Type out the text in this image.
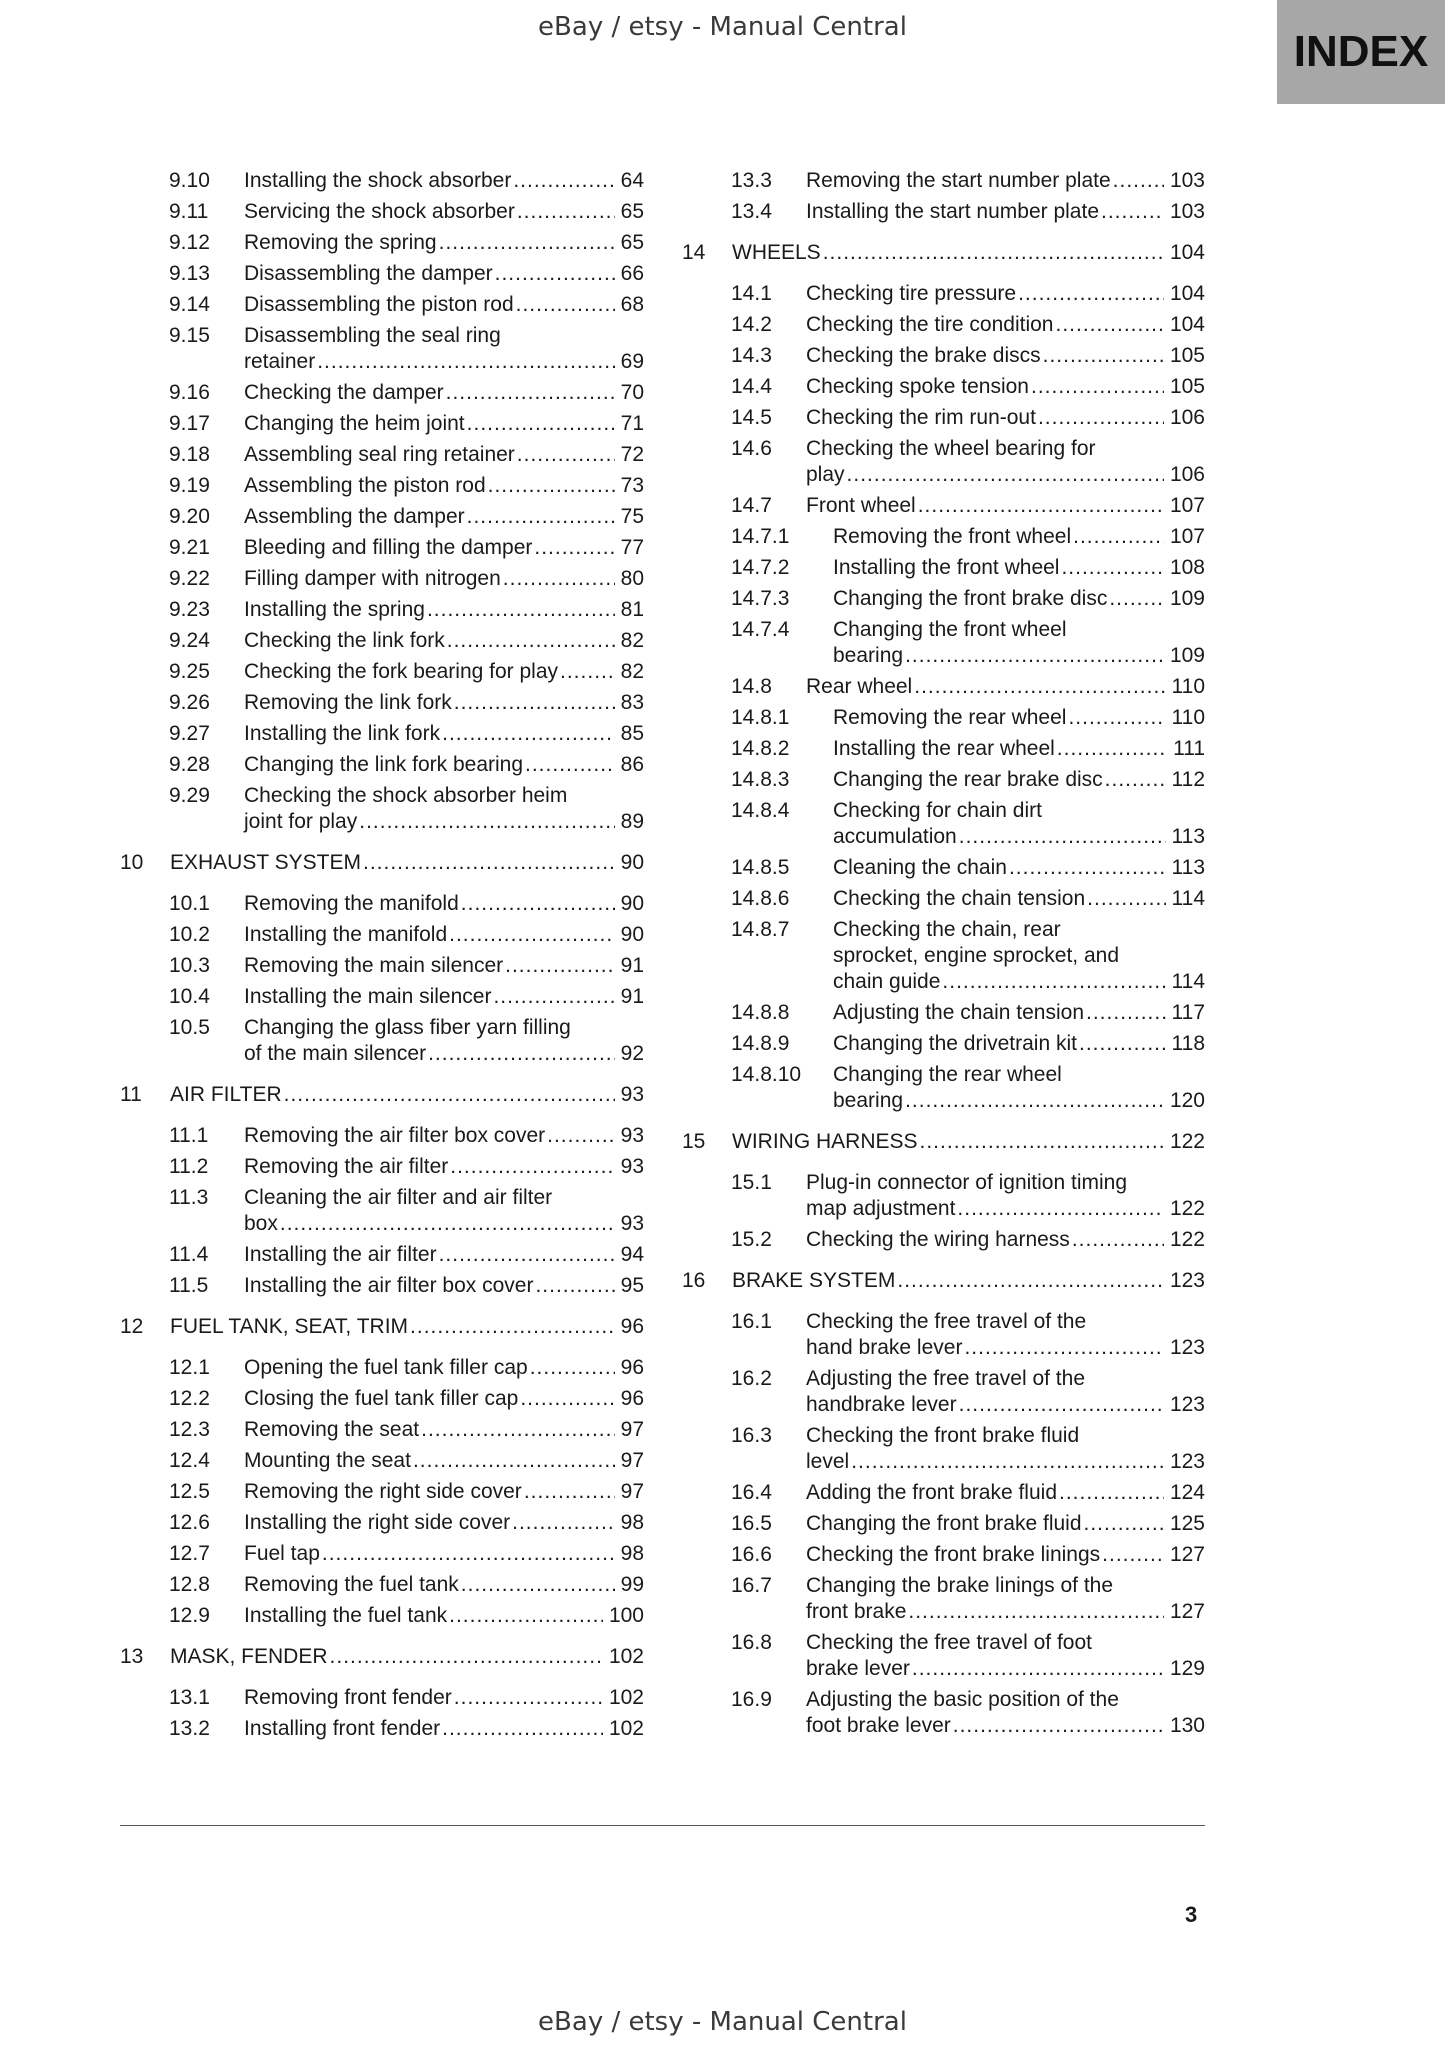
eBay / etsy - Manual Central	INDEX
9.10 Installing the shock absorber .....	64
9.11 Servicing the shock absorber .....	65
9.12 Removing the spring .....	65
9.13 Disassembling the damper .....	66
9.14 Disassembling the piston rod .....	68
9.15 Disassembling the seal ring
retainer .....	69
9.16 Checking the damper .....	70
9.17 Changing the heim joint .....	71
9.18 Assembling seal ring retainer .....	72
9.19 Assembling the piston rod .....	73
9.20 Assembling the damper .....	75
9.21 Bleeding and filling the damper .....	77
9.22 Filling damper with nitrogen .....	80
9.23 Installing the spring .....	81
9.24 Checking the link fork .....	82
9.25 Checking the fork bearing for play .....	82
9.26 Removing the link fork .....	83
9.27 Installing the link fork .....	85
9.28 Changing the link fork bearing .....	86
9.29 Checking the shock absorber heim
joint for play .....	89
10 EXHAUST SYSTEM .....	90
10.1 Removing the manifold .....	90
10.2 Installing the manifold .....	90
10.3 Removing the main silencer .....	91
10.4 Installing the main silencer .....	91
10.5 Changing the glass fiber yarn filling
of the main silencer .....	92
11 AIR FILTER .....	93
11.1 Removing the air filter box cover .....	93
11.2 Removing the air filter .....	93
11.3 Cleaning the air filter and air filter
box .....	93
11.4 Installing the air filter .....	94
11.5 Installing the air filter box cover .....	95
12 FUEL TANK, SEAT, TRIM .....	96
12.1 Opening the fuel tank filler cap .....	96
12.2 Closing the fuel tank filler cap .....	96
12.3 Removing the seat .....	97
12.4 Mounting the seat .....	97
12.5 Removing the right side cover .....	97
12.6 Installing the right side cover .....	98
12.7 Fuel tap .....	98
12.8 Removing the fuel tank .....	99
12.9 Installing the fuel tank .....	100
13 MASK, FENDER .....	102
13.1 Removing front fender .....	102
13.2 Installing front fender .....	102
13.3 Removing the start number plate .....	103
13.4 Installing the start number plate .....	103
14 WHEELS .....	104
14.1 Checking tire pressure .....	104
14.2 Checking the tire condition .....	104
14.3 Checking the brake discs .....	105
14.4 Checking spoke tension .....	105
14.5 Checking the rim run-out .....	106
14.6 Checking the wheel bearing for
play .....	106
14.7 Front wheel .....	107
14.7.1 Removing the front wheel .....	107
14.7.2 Installing the front wheel .....	108
14.7.3 Changing the front brake disc .....	109
14.7.4 Changing the front wheel
bearing .....	109
14.8 Rear wheel .....	110
14.8.1 Removing the rear wheel .....	110
14.8.2 Installing the rear wheel .....	111
14.8.3 Changing the rear brake disc .....	112
14.8.4 Checking for chain dirt
accumulation .....	113
14.8.5 Cleaning the chain .....	113
14.8.6 Checking the chain tension .....	114
14.8.7 Checking the chain, rear
sprocket, engine sprocket, and
chain guide .....	114
14.8.8 Adjusting the chain tension .....	117
14.8.9 Changing the drivetrain kit .....	118
14.8.10 Changing the rear wheel
bearing .....	120
15 WIRING HARNESS .....	122
15.1 Plug-in connector of ignition timing
map adjustment .....	122
15.2 Checking the wiring harness .....	122
16 BRAKE SYSTEM .....	123
16.1 Checking the free travel of the
hand brake lever .....	123
16.2 Adjusting the free travel of the
handbrake lever .....	123
16.3 Checking the front brake fluid
level .....	123
16.4 Adding the front brake fluid .....	124
16.5 Changing the front brake fluid .....	125
16.6 Checking the front brake linings .....	127
16.7 Changing the brake linings of the
front brake .....	127
16.8 Checking the free travel of foot
brake lever .....	129
16.9 Adjusting the basic position of the
foot brake lever .....	130
3
eBay / etsy - Manual Central
